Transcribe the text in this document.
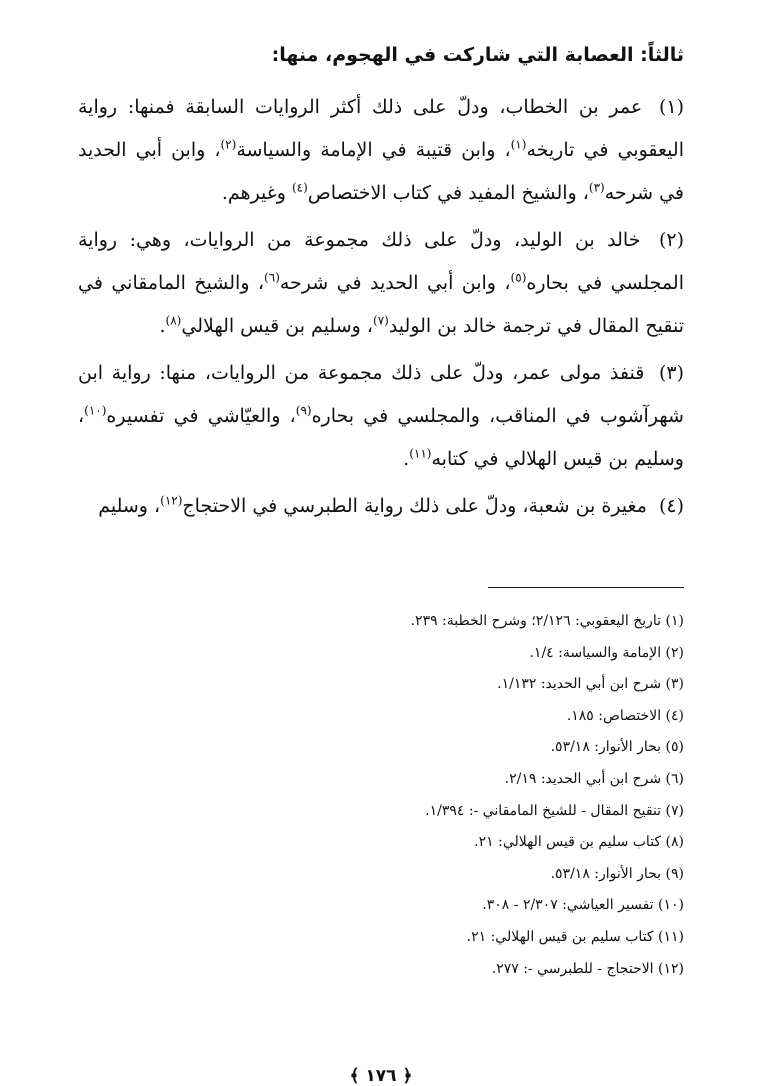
ثالثاً: العصابة التي شاركت في الهجوم، منها:

(١) عمر بن الخطاب، ودلّ على ذلك أكثر الروايات السابقة فمنها: رواية اليعقوبي في تاريخه$^{(١)}$، وابن قتيبة في الإمامة والسياسة$^{(٢)}$، وابن أبي الحديد في شرحه$^{(٣)}$، والشيخ المفيد في كتاب الاختصاص$^{(٤)}$ وغيرهم.

(٢) خالد بن الوليد، ودلّ على ذلك مجموعة من الروايات، وهي: رواية المجلسي في بحاره$^{(٥)}$، وابن أبي الحديد في شرحه$^{(٦)}$، والشيخ المامقاني في تنقيح المقال في ترجمة خالد بن الوليد$^{(٧)}$، وسليم بن قيس الهلالي$^{(٨)}$.

(٣) قنفذ مولى عمر، ودلّ على ذلك مجموعة من الروايات، منها: رواية ابن شهرآشوب في المناقب، والمجلسي في بحاره$^{(٩)}$، والعيّاشي في تفسيره$^{(١٠)}$، وسليم بن قيس الهلالي في كتابه$^{(١١)}$.

(٤) مغيرة بن شعبة، ودلّ على ذلك رواية الطبرسي في الاحتجاج$^{(١٢)}$، وسليم

(١) تاريخ اليعقوبي: ٢/١٢٦؛ وشرح الخطبة: ٢٣٩.
(٢) الإمامة والسياسة: ١/٤.
(٣) شرح ابن أبي الحديد: ١/١٣٢.
(٤) الاختصاص: ١٨٥.
(٥) بحار الأنوار: ٥٣/١٨.
(٦) شرح ابن أبي الحديد: ٢/١٩.
(٧) تنقيح المقال - للشيخ المامقاني -: ١/٣٩٤.
(٨) كتاب سليم بن قيس الهلالي: ٢١.
(٩) بحار الأنوار: ٥٣/١٨.
(١٠) تفسير العياشي: ٢/٣٠٧ - ٣٠٨.
(١١) كتاب سليم بن قيس الهلالي: ٢١.
(١٢) الاحتجاج - للطبرسي -: ٢٧٧.
﴾ ١٧٦ ﴿
